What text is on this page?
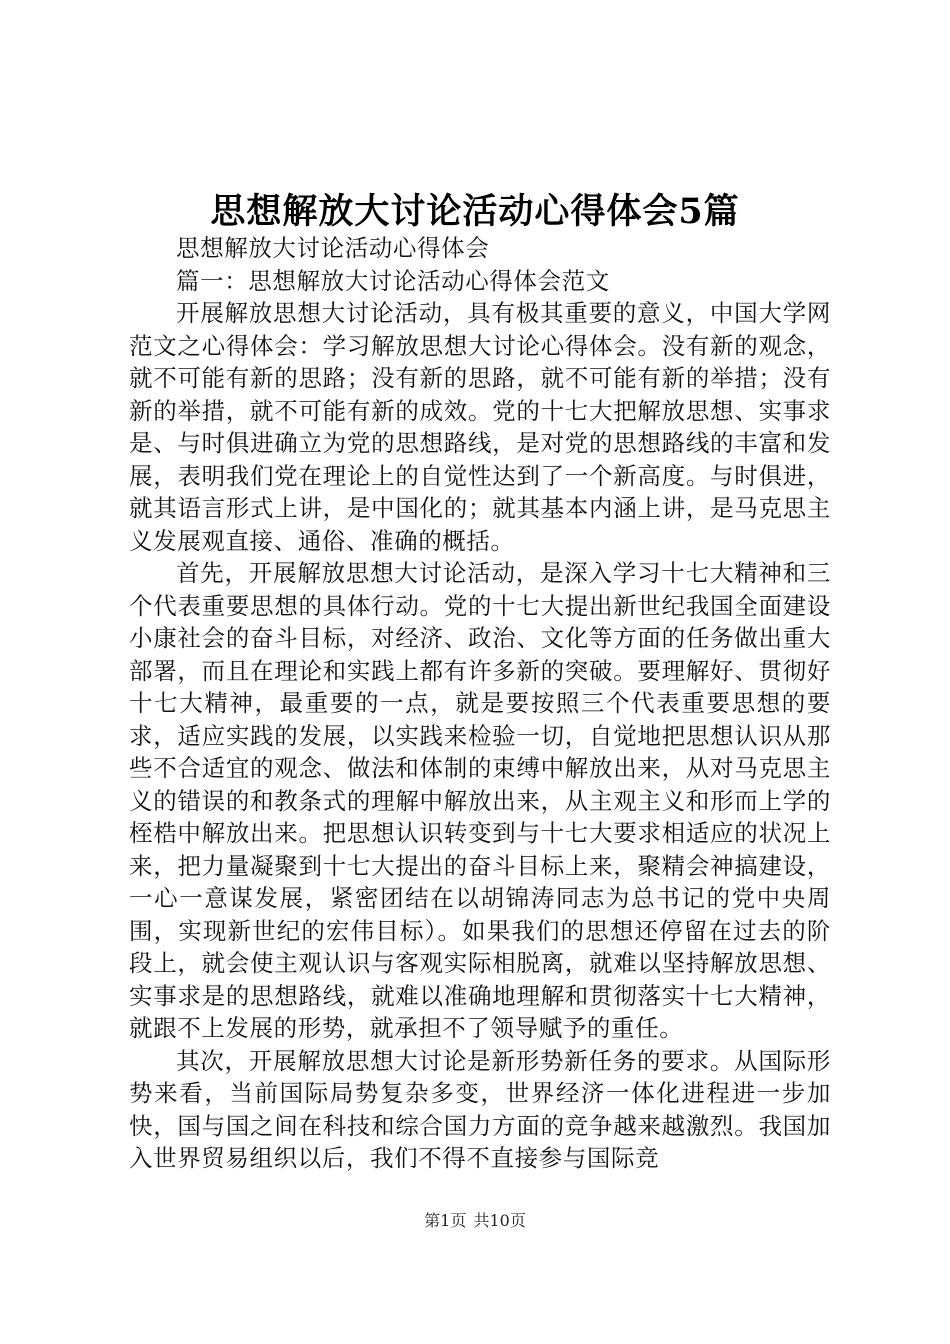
思想解放大讨论活动心得体会5篇

思想解放大讨论活动心得体会

篇一：思想解放大讨论活动心得体会范文

开展解放思想大讨论活动，具有极其重要的意义，中国大学网范文之心得体会：学习解放思想大讨论心得体会。没有新的观念，就不可能有新的思路；没有新的思路，就不可能有新的举措；没有新的举措，就不可能有新的成效。党的十七大把解放思想、实事求是、与时俱进确立为党的思想路线，是对党的思想路线的丰富和发展，表明我们党在理论上的自觉性达到了一个新高度。与时俱进，就其语言形式上讲，是中国化的；就其基本内涵上讲，是马克思主义发展观直接、通俗、准确的概括。

首先，开展解放思想大讨论活动，是深入学习十七大精神和三个代表重要思想的具体行动。党的十七大提出新世纪我国全面建设小康社会的奋斗目标，对经济、政治、文化等方面的任务做出重大部署，而且在理论和实践上都有许多新的突破。要理解好、贯彻好十七大精神，最重要的一点，就是要按照三个代表重要思想的要求，适应实践的发展，以实践来检验一切，自觉地把思想认识从那些不合适宜的观念、做法和体制的束缚中解放出来，从对马克思主义的错误的和教条式的理解中解放出来，从主观主义和形而上学的桎梏中解放出来。把思想认识转变到与十七大要求相适应的状况上来，把力量凝聚到十七大提出的奋斗目标上来，聚精会神搞建设，一心一意谋发展，紧密团结在以胡锦涛同志为总书记的党中央周围，实现新世纪的宏伟目标）。如果我们的思想还停留在过去的阶段上，就会使主观认识与客观实际相脱离，就难以坚持解放思想、实事求是的思想路线，就难以准确地理解和贯彻落实十七大精神，就跟不上发展的形势，就承担不了领导赋予的重任。

其次，开展解放思想大讨论是新形势新任务的要求。从国际形势来看，当前国际局势复杂多变，世界经济一体化进程进一步加快，国与国之间在科技和综合国力方面的竞争越来越激烈。我国加入世界贸易组织以后，我们不得不直接参与国际竞

第1页 共10页
